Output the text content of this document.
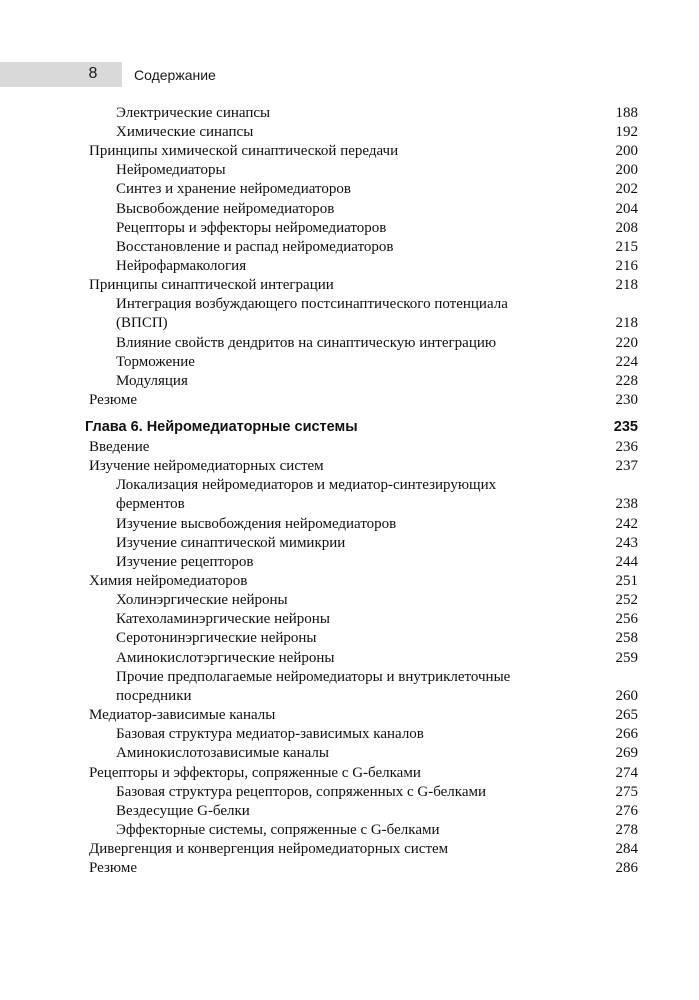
8	Содержание
Электрические синапсы	188
Химические синапсы	192
Принципы химической синаптической передачи	200
Нейромедиаторы	200
Синтез и хранение нейромедиаторов	202
Высвобождение нейромедиаторов	204
Рецепторы и эффекторы нейромедиаторов	208
Восстановление и распад нейромедиаторов	215
Нейрофармакология	216
Принципы синаптической интеграции	218
Интеграция возбуждающего постсинаптического потенциала
(ВПСП)	218
Влияние свойств дендритов на синаптическую интеграцию	220
Торможение	224
Модуляция	228
Резюме	230
Глава 6. Нейромедиаторные системы	235
Введение	236
Изучение нейромедиаторных систем	237
Локализация нейромедиаторов и медиатор-синтезирующих
ферментов	238
Изучение высвобождения нейромедиаторов	242
Изучение синаптической мимикрии	243
Изучение рецепторов	244
Химия нейромедиаторов	251
Холинэргические нейроны	252
Катехоламинэргические нейроны	256
Серотонинэргические нейроны	258
Аминокислотэргические нейроны	259
Прочие предполагаемые нейромедиаторы и внутриклеточные
посредники	260
Медиатор-зависимые каналы	265
Базовая структура медиатор-зависимых каналов	266
Аминокислотозависимые каналы	269
Рецепторы и эффекторы, сопряженные с G-белками	274
Базовая структура рецепторов, сопряженных с G-белками	275
Вездесущие G-белки	276
Эффекторные системы, сопряженные с G-белками	278
Дивергенция и конвергенция нейромедиаторных систем	284
Резюме	286
